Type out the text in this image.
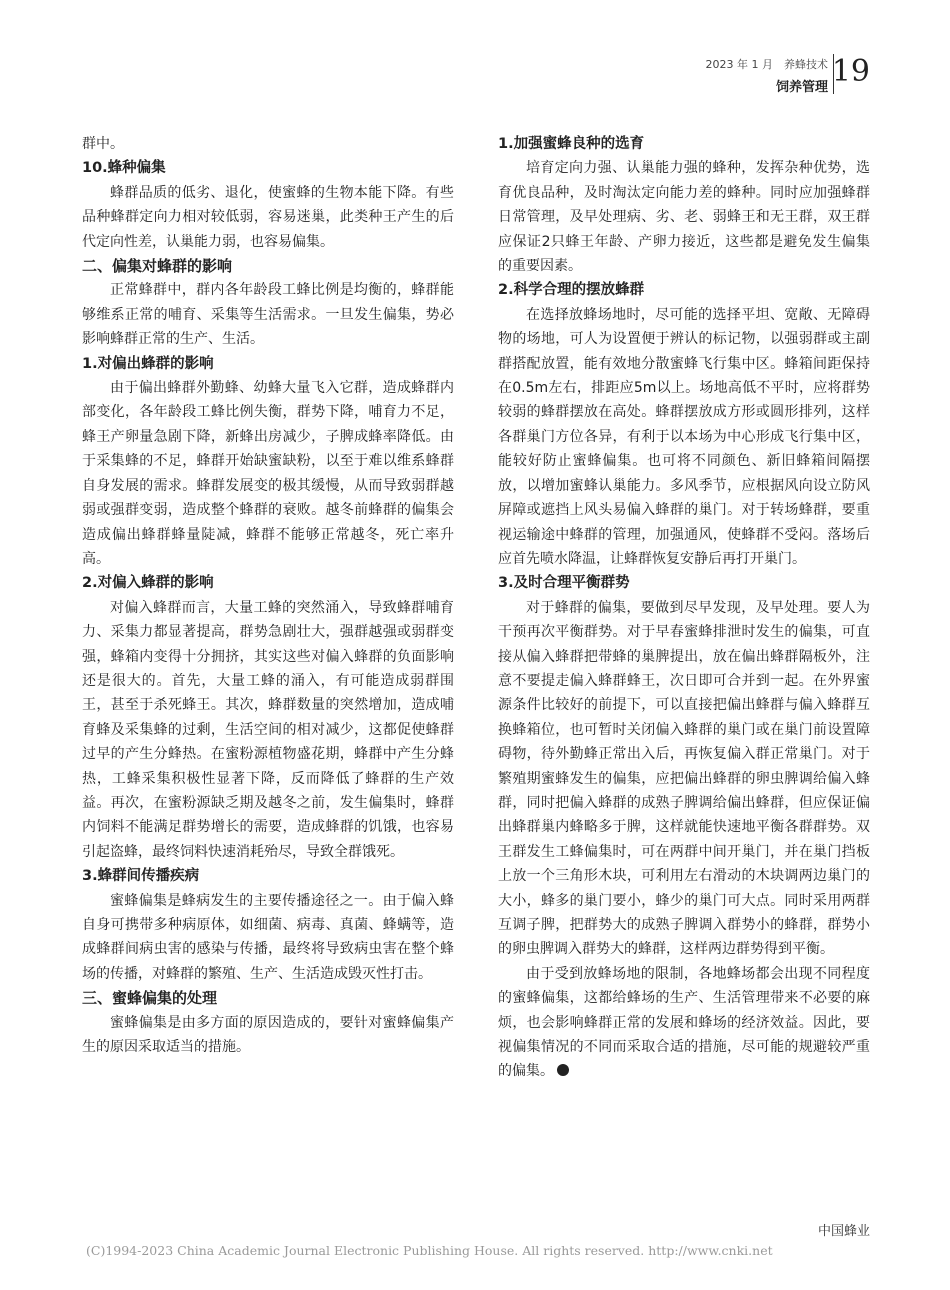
2023 年 1 月　养蜂技术
饲养管理 19

群中。

10.蜂种偏集

蜂群品质的低劣、退化，使蜜蜂的生物本能下降。有些品种蜂群定向力相对较低弱，容易迷巢，此类种王产生的后代定向性差，认巢能力弱，也容易偏集。

二、偏集对蜂群的影响

正常蜂群中，群内各年龄段工蜂比例是均衡的，蜂群能够维系正常的哺育、采集等生活需求。一旦发生偏集，势必影响蜂群正常的生产、生活。

1.对偏出蜂群的影响

由于偏出蜂群外勤蜂、幼蜂大量飞入它群，造成蜂群内部变化，各年龄段工蜂比例失衡，群势下降，哺育力不足，蜂王产卵量急剧下降，新蜂出房减少，子脾成蜂率降低。由于采集蜂的不足，蜂群开始缺蜜缺粉，以至于难以维系蜂群自身发展的需求。蜂群发展变的极其缓慢，从而导致弱群越弱或强群变弱，造成整个蜂群的衰败。越冬前蜂群的偏集会造成偏出蜂群蜂量陡减，蜂群不能够正常越冬，死亡率升高。

2.对偏入蜂群的影响

对偏入蜂群而言，大量工蜂的突然涌入，导致蜂群哺育力、采集力都显著提高，群势急剧壮大，强群越强或弱群变强，蜂箱内变得十分拥挤，其实这些对偏入蜂群的负面影响还是很大的。首先，大量工蜂的涌入，有可能造成弱群围王，甚至于杀死蜂王。其次，蜂群数量的突然增加，造成哺育蜂及采集蜂的过剩，生活空间的相对减少，这都促使蜂群过早的产生分蜂热。在蜜粉源植物盛花期，蜂群中产生分蜂热，工蜂采集积极性显著下降，反而降低了蜂群的生产效益。再次，在蜜粉源缺乏期及越冬之前，发生偏集时，蜂群内饲料不能满足群势增长的需要，造成蜂群的饥饿，也容易引起盗蜂，最终饲料快速消耗殆尽，导致全群饿死。

3.蜂群间传播疾病

蜜蜂偏集是蜂病发生的主要传播途径之一。由于偏入蜂自身可携带多种病原体，如细菌、病毒、真菌、蜂螨等，造成蜂群间病虫害的感染与传播，最终将导致病虫害在整个蜂场的传播，对蜂群的繁殖、生产、生活造成毁灭性打击。

三、蜜蜂偏集的处理

蜜蜂偏集是由多方面的原因造成的，要针对蜜蜂偏集产生的原因采取适当的措施。

1.加强蜜蜂良种的选育

培育定向力强、认巢能力强的蜂种，发挥杂种优势，选育优良品种，及时淘汰定向能力差的蜂种。同时应加强蜂群日常管理，及早处理病、劣、老、弱蜂王和无王群，双王群应保证2只蜂王年龄、产卵力接近，这些都是避免发生偏集的重要因素。

2.科学合理的摆放蜂群

在选择放蜂场地时，尽可能的选择平坦、宽敞、无障碍物的场地，可人为设置便于辨认的标记物，以强弱群或主副群搭配放置，能有效地分散蜜蜂飞行集中区。蜂箱间距保持在0.5m左右，排距应5m以上。场地高低不平时，应将群势较弱的蜂群摆放在高处。蜂群摆放成方形或圆形排列，这样各群巢门方位各异，有利于以本场为中心形成飞行集中区，能较好防止蜜蜂偏集。也可将不同颜色、新旧蜂箱间隔摆放，以增加蜜蜂认巢能力。多风季节，应根据风向设立防风屏障或遮挡上风头易偏入蜂群的巢门。对于转场蜂群，要重视运输途中蜂群的管理，加强通风，使蜂群不受闷。落场后应首先喷水降温，让蜂群恢复安静后再打开巢门。

3.及时合理平衡群势

对于蜂群的偏集，要做到尽早发现，及早处理。要人为干预再次平衡群势。对于早春蜜蜂排泄时发生的偏集，可直接从偏入蜂群把带蜂的巢脾提出，放在偏出蜂群隔板外，注意不要提走偏入蜂群蜂王，次日即可合并到一起。在外界蜜源条件比较好的前提下，可以直接把偏出蜂群与偏入蜂群互换蜂箱位，也可暂时关闭偏入蜂群的巢门或在巢门前设置障碍物，待外勤蜂正常出入后，再恢复偏入群正常巢门。对于繁殖期蜜蜂发生的偏集，应把偏出蜂群的卵虫脾调给偏入蜂群，同时把偏入蜂群的成熟子脾调给偏出蜂群，但应保证偏出蜂群巢内蜂略多于脾，这样就能快速地平衡各群群势。双王群发生工蜂偏集时，可在两群中间开巢门，并在巢门挡板上放一个三角形木块，可利用左右滑动的木块调两边巢门的大小，蜂多的巢门要小，蜂少的巢门可大点。同时采用两群互调子脾，把群势大的成熟子脾调入群势小的蜂群，群势小的卵虫脾调入群势大的蜂群，这样两边群势得到平衡。

由于受到放蜂场地的限制，各地蜂场都会出现不同程度的蜜蜂偏集，这都给蜂场的生产、生活管理带来不必要的麻烦，也会影响蜂群正常的发展和蜂场的经济效益。因此，要视偏集情况的不同而采取合适的措施，尽可能的规避较严重的偏集。

中国蜂业
(C)1994-2023 China Academic Journal Electronic Publishing House. All rights reserved. http://www.cnki.net
